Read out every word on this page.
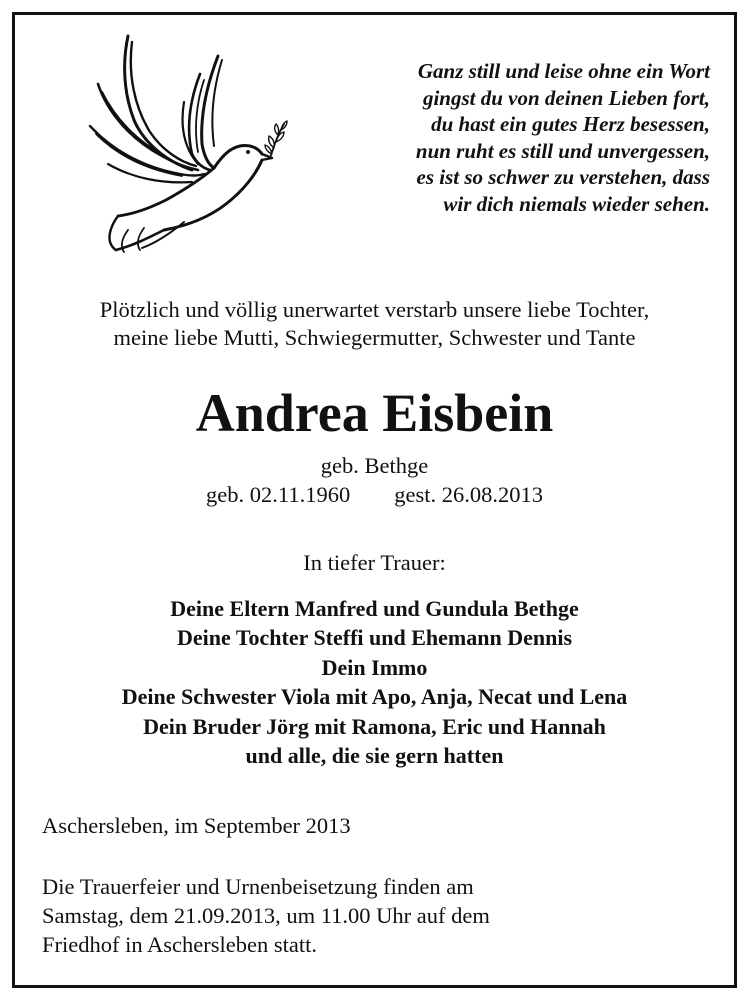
Ganz still und leise ohne ein Wort
gingst du von deinen Lieben fort,
du hast ein gutes Herz besessen,
nun ruht es still und unvergessen,
es ist so schwer zu verstehen, dass
wir dich niemals wieder sehen.
Plötzlich und völlig unerwartet verstarb unsere liebe Tochter,
meine liebe Mutti, Schwiegermutter, Schwester und Tante
Andrea Eisbein
geb. Bethge
geb. 02.11.1960 gest. 26.08.2013
In tiefer Trauer:
Deine Eltern Manfred und Gundula Bethge
Deine Tochter Steffi und Ehemann Dennis
Dein Immo
Deine Schwester Viola mit Apo, Anja, Necat und Lena
Dein Bruder Jörg mit Ramona, Eric und Hannah
und alle, die sie gern hatten
Aschersleben, im September 2013
Die Trauerfeier und Urnenbeisetzung finden am
Samstag, dem 21.09.2013, um 11.00 Uhr auf dem
Friedhof in Aschersleben statt.
